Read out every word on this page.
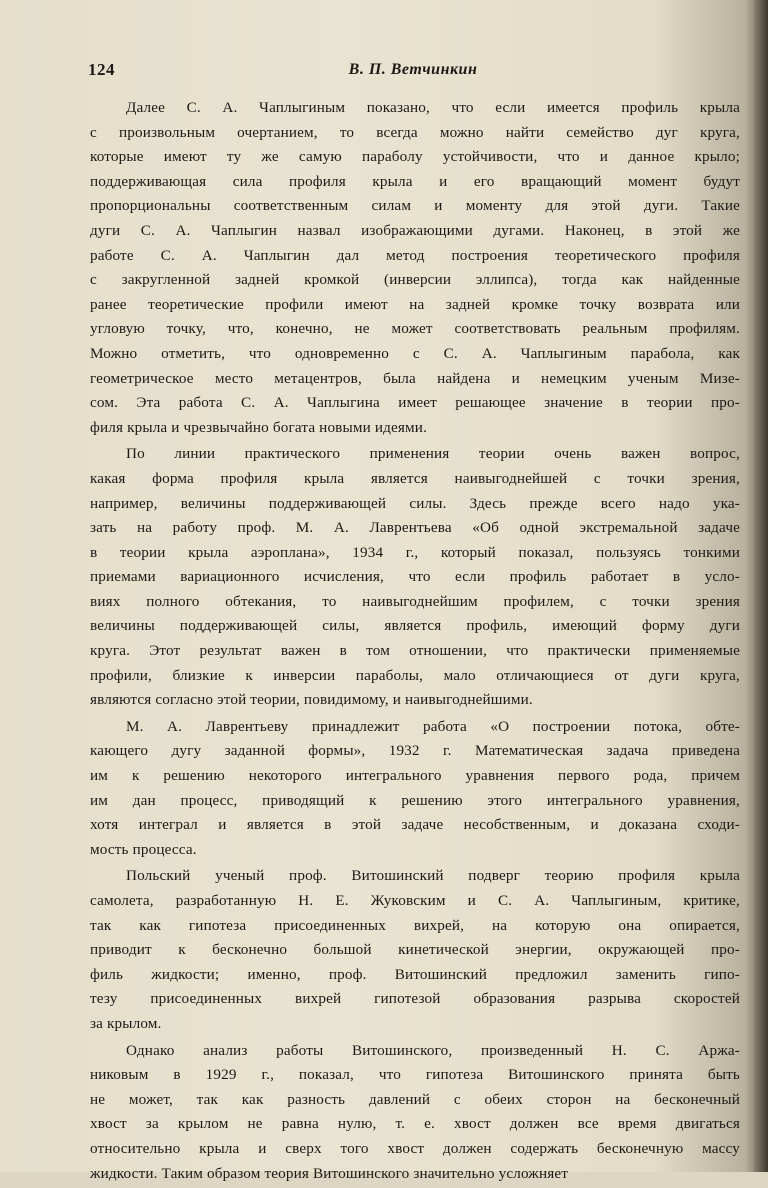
124	В. П. Ветчинкин
Далее С. А. Чаплыгиным показано, что если имеется профиль крыла
с произвольным очертанием, то всегда можно найти семейство дуг круга,
которые имеют ту же самую параболу устойчивости, что и данное крыло;
поддерживающая сила профиля крыла и его вращающий момент будут
пропорциональны соответственным силам и моменту для этой дуги. Такие
дуги С. А. Чаплыгин назвал изображающими дугами. Наконец, в этой же
работе С. А. Чаплыгин дал метод построения теоретического профиля
с закругленной задней кромкой (инверсии эллипса), тогда как найденные
ранее теоретические профили имеют на задней кромке точку возврата или
угловую точку, что, конечно, не может соответствовать реальным профилям.
Можно отметить, что одновременно с С. А. Чаплыгиным парабола, как
геометрическое место метацентров, была найдена и немецким ученым Мизе-
сом. Эта работа С. А. Чаплыгина имеет решающее значение в теории про-
филя крыла и чрезвычайно богата новыми идеями.
По линии практического применения теории очень важен вопрос,
какая форма профиля крыла является наивыгоднейшей с точки зрения,
например, величины поддерживающей силы. Здесь прежде всего надо ука-
зать на работу проф. М. А. Лаврентьева «Об одной экстремальной задаче
в теории крыла аэроплана», 1934 г., который показал, пользуясь тонкими
приемами вариационного исчисления, что если профиль работает в усло-
виях полного обтекания, то наивыгоднейшим профилем, с точки зрения
величины поддерживающей силы, является профиль, имеющий форму дуги
круга. Этот результат важен в том отношении, что практически применяемые
профили, близкие к инверсии параболы, мало отличающиеся от дуги круга,
являются согласно этой теории, повидимому, и наивыгоднейшими.
М. А. Лаврентьеву принадлежит работа «О построении потока, обте-
кающего дугу заданной формы», 1932 г. Математическая задача приведена
им к решению некоторого интегрального уравнения первого рода, причем
им дан процесс, приводящий к решению этого интегрального уравнения,
хотя интеграл и является в этой задаче несобственным, и доказана сходи-
мость процесса.
Польский ученый проф. Витошинский подверг теорию профиля крыла
самолета, разработанную Н. Е. Жуковским и С. А. Чаплыгиным, критике,
так как гипотеза присоединенных вихрей, на которую она опирается,
приводит к бесконечно большой кинетической энергии, окружающей про-
филь жидкости; именно, проф. Витошинский предложил заменить гипо-
тезу присоединенных вихрей гипотезой образования разрыва скоростей
за крылом.
Однако анализ работы Витошинского, произведенный Н. С. Аржа-
никовым в 1929 г., показал, что гипотеза Витошинского принята быть
не может, так как разность давлений с обеих сторон на бесконечный
хвост за крылом не равна нулю, т. е. хвост должен все время двигаться
относительно крыла и сверх того хвост должен содержать бесконечную массу
жидкости. Таким образом теория Витошинского значительно усложняет
